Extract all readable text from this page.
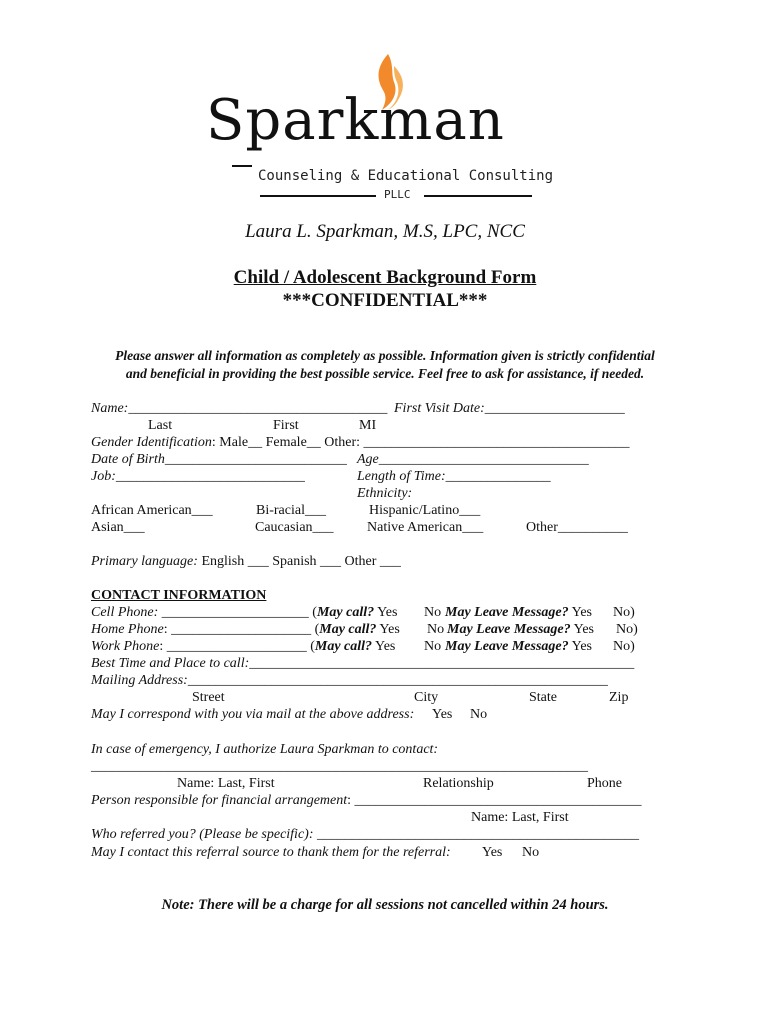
Sparkman
Counseling & Educational Consulting
PLLC
Laura L. Sparkman, M.S, LPC, NCC
Child / Adolescent Background Form
***CONFIDENTIAL***
Please answer all information as completely as possible. Information given is strictly confidential
and beneficial in providing the best possible service. Feel free to ask for assistance, if needed.
Name:_____________________________________ First Visit Date:____________________
Last	First	MI
Gender Identification: Male__ Female__ Other: ______________________________________
Date of Birth__________________________ Age______________________________
Job:___________________________	Length of Time:_______________
Ethnicity:
African American___	Bi-racial___	Hispanic/Latino___
Asian___	Caucasian___ Native American___	Other__________
Primary language: English ___ Spanish ___ Other ___
CONTACT INFORMATION
Cell Phone: _____________________ (May call? Yes No May Leave Message? Yes No)
Home Phone: ____________________ (May call? Yes No May Leave Message? Yes No)
Work Phone: ____________________ (May call? Yes No May Leave Message? Yes No)
Best Time and Place to call:_______________________________________________________
Mailing Address:____________________________________________________________
Street	City	State	Zip
May I correspond with you via mail at the above address: Yes No
In case of emergency, I authorize Laura Sparkman to contact:
_______________________________________________________________________
Name: Last, First	Relationship	Phone
Person responsible for financial arrangement: _________________________________________
Name: Last, First
Who referred you? (Please be specific): ______________________________________________
May I contact this referral source to thank them for the referral: Yes No
Note: There will be a charge for all sessions not cancelled within 24 hours.
